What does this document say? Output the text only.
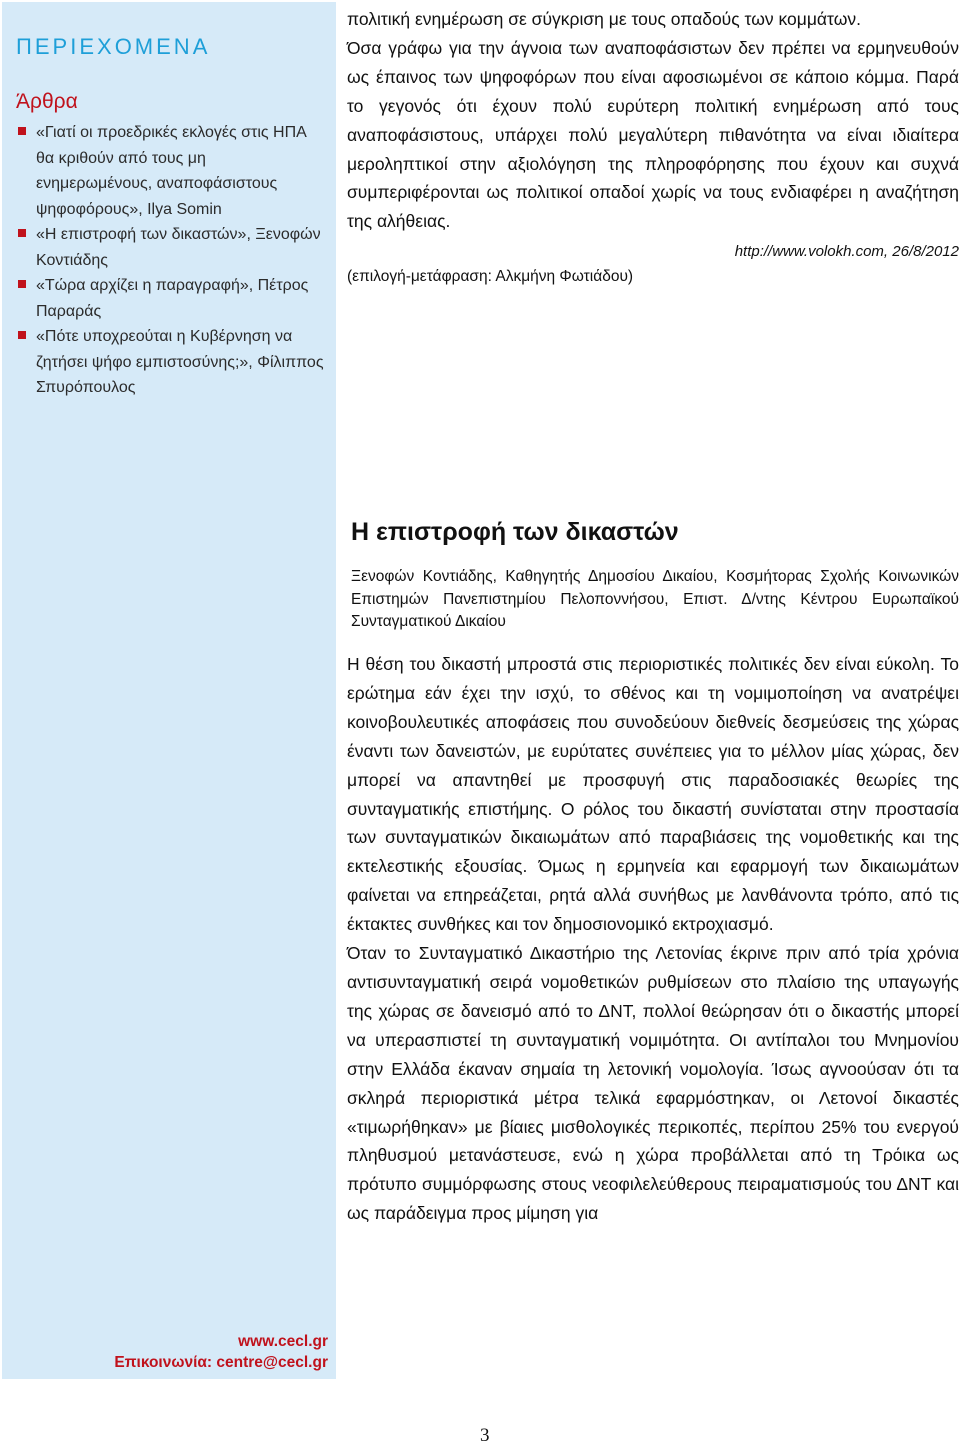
ΠΕΡΙΕΧΟΜΕΝΑ
Άρθρα
«Γιατί οι προεδρικές εκλογές στις ΗΠΑ θα κριθούν από τους μη ενημερωμένους, αναποφάσιστους ψηφοφόρους», Ilya Somin
«Η επιστροφή των δικαστών», Ξενοφών Κοντιάδης
«Τώρα αρχίζει η παραγραφή», Πέτρος Παραράς
«Πότε υποχρεούται η Κυβέρνηση να ζητήσει ψήφο εμπιστοσύνης;», Φίλιππος Σπυρόπουλος
www.cecl.gr
Επικοινωνία: centre@cecl.gr

πολιτική ενημέρωση σε σύγκριση με τους οπαδούς των κομμάτων.

Όσα γράφω για την άγνοια των αναποφάσιστων δεν πρέπει να ερμηνευθούν ως έπαινος των ψηφοφόρων που είναι αφοσιωμένοι σε κάποιο κόμμα. Παρά το γεγονός ότι έχουν πολύ ευρύτερη πολιτική ενημέρωση από τους αναποφάσιστους, υπάρχει πολύ μεγαλύτερη πιθανότητα να είναι ιδιαίτερα μεροληπτικοί στην αξιολόγηση της πληροφόρησης που έχουν και συχνά συμπεριφέρονται ως πολιτικοί οπαδοί χωρίς να τους ενδιαφέρει η αναζήτηση της αλήθειας.

http://www.volokh.com, 26/8/2012
(επιλογή-μετάφραση: Αλκμήνη Φωτιάδου)
Η επιστροφή των δικαστών
Ξενοφών Κοντιάδης, Καθηγητής Δημοσίου Δικαίου, Κοσμήτορας Σχολής Κοινωνικών Επιστημών Πανεπιστημίου Πελοποννήσου, Επιστ. Δ/ντης Κέντρου Ευρωπαϊκού Συνταγματικού Δικαίου

Η θέση του δικαστή μπροστά στις περιοριστικές πολιτικές δεν είναι εύκολη. Το ερώτημα εάν έχει την ισχύ, το σθένος και τη νομιμοποίηση να ανατρέψει κοινοβουλευτικές αποφάσεις που συνοδεύουν διεθνείς δεσμεύσεις της χώρας έναντι των δανειστών, με ευρύτατες συνέπειες για το μέλλον μίας χώρας, δεν μπορεί να απαντηθεί με προσφυγή στις παραδοσιακές θεωρίες της συνταγματικής επιστήμης. Ο ρόλος του δικαστή συνίσταται στην προστασία των συνταγματικών δικαιωμάτων από παραβιάσεις της νομοθετικής και της εκτελεστικής εξουσίας. Όμως η ερμηνεία και εφαρμογή των δικαιωμάτων φαίνεται να επηρεάζεται, ρητά αλλά συνήθως με λανθάνοντα τρόπο, από τις έκτακτες συνθήκες και τον δημοσιονομικό εκτροχιασμό.

Όταν το Συνταγματικό Δικαστήριο της Λετονίας έκρινε πριν από τρία χρόνια αντισυνταγματική σειρά νομοθετικών ρυθμίσεων στο πλαίσιο της υπαγωγής της χώρας σε δανεισμό από το ΔΝΤ, πολλοί θεώρησαν ότι ο δικαστής μπορεί να υπερασπιστεί τη συνταγματική νομιμότητα. Οι αντίπαλοι του Μνημονίου στην Ελλάδα έκαναν σημαία τη λετονική νομολογία. Ίσως αγνοούσαν ότι τα σκληρά περιοριστικά μέτρα τελικά εφαρμόστηκαν, οι Λετονοί δικαστές «τιμωρήθηκαν» με βίαιες μισθολογικές περικοπές, περίπου 25% του ενεργού πληθυσμού μετανάστευσε, ενώ η χώρα προβάλλεται από τη Τρόικα ως πρότυπο συμμόρφωσης στους νεοφιλελεύθερους πειραματισμούς του ΔΝΤ και ως παράδειγμα προς μίμηση για

3
